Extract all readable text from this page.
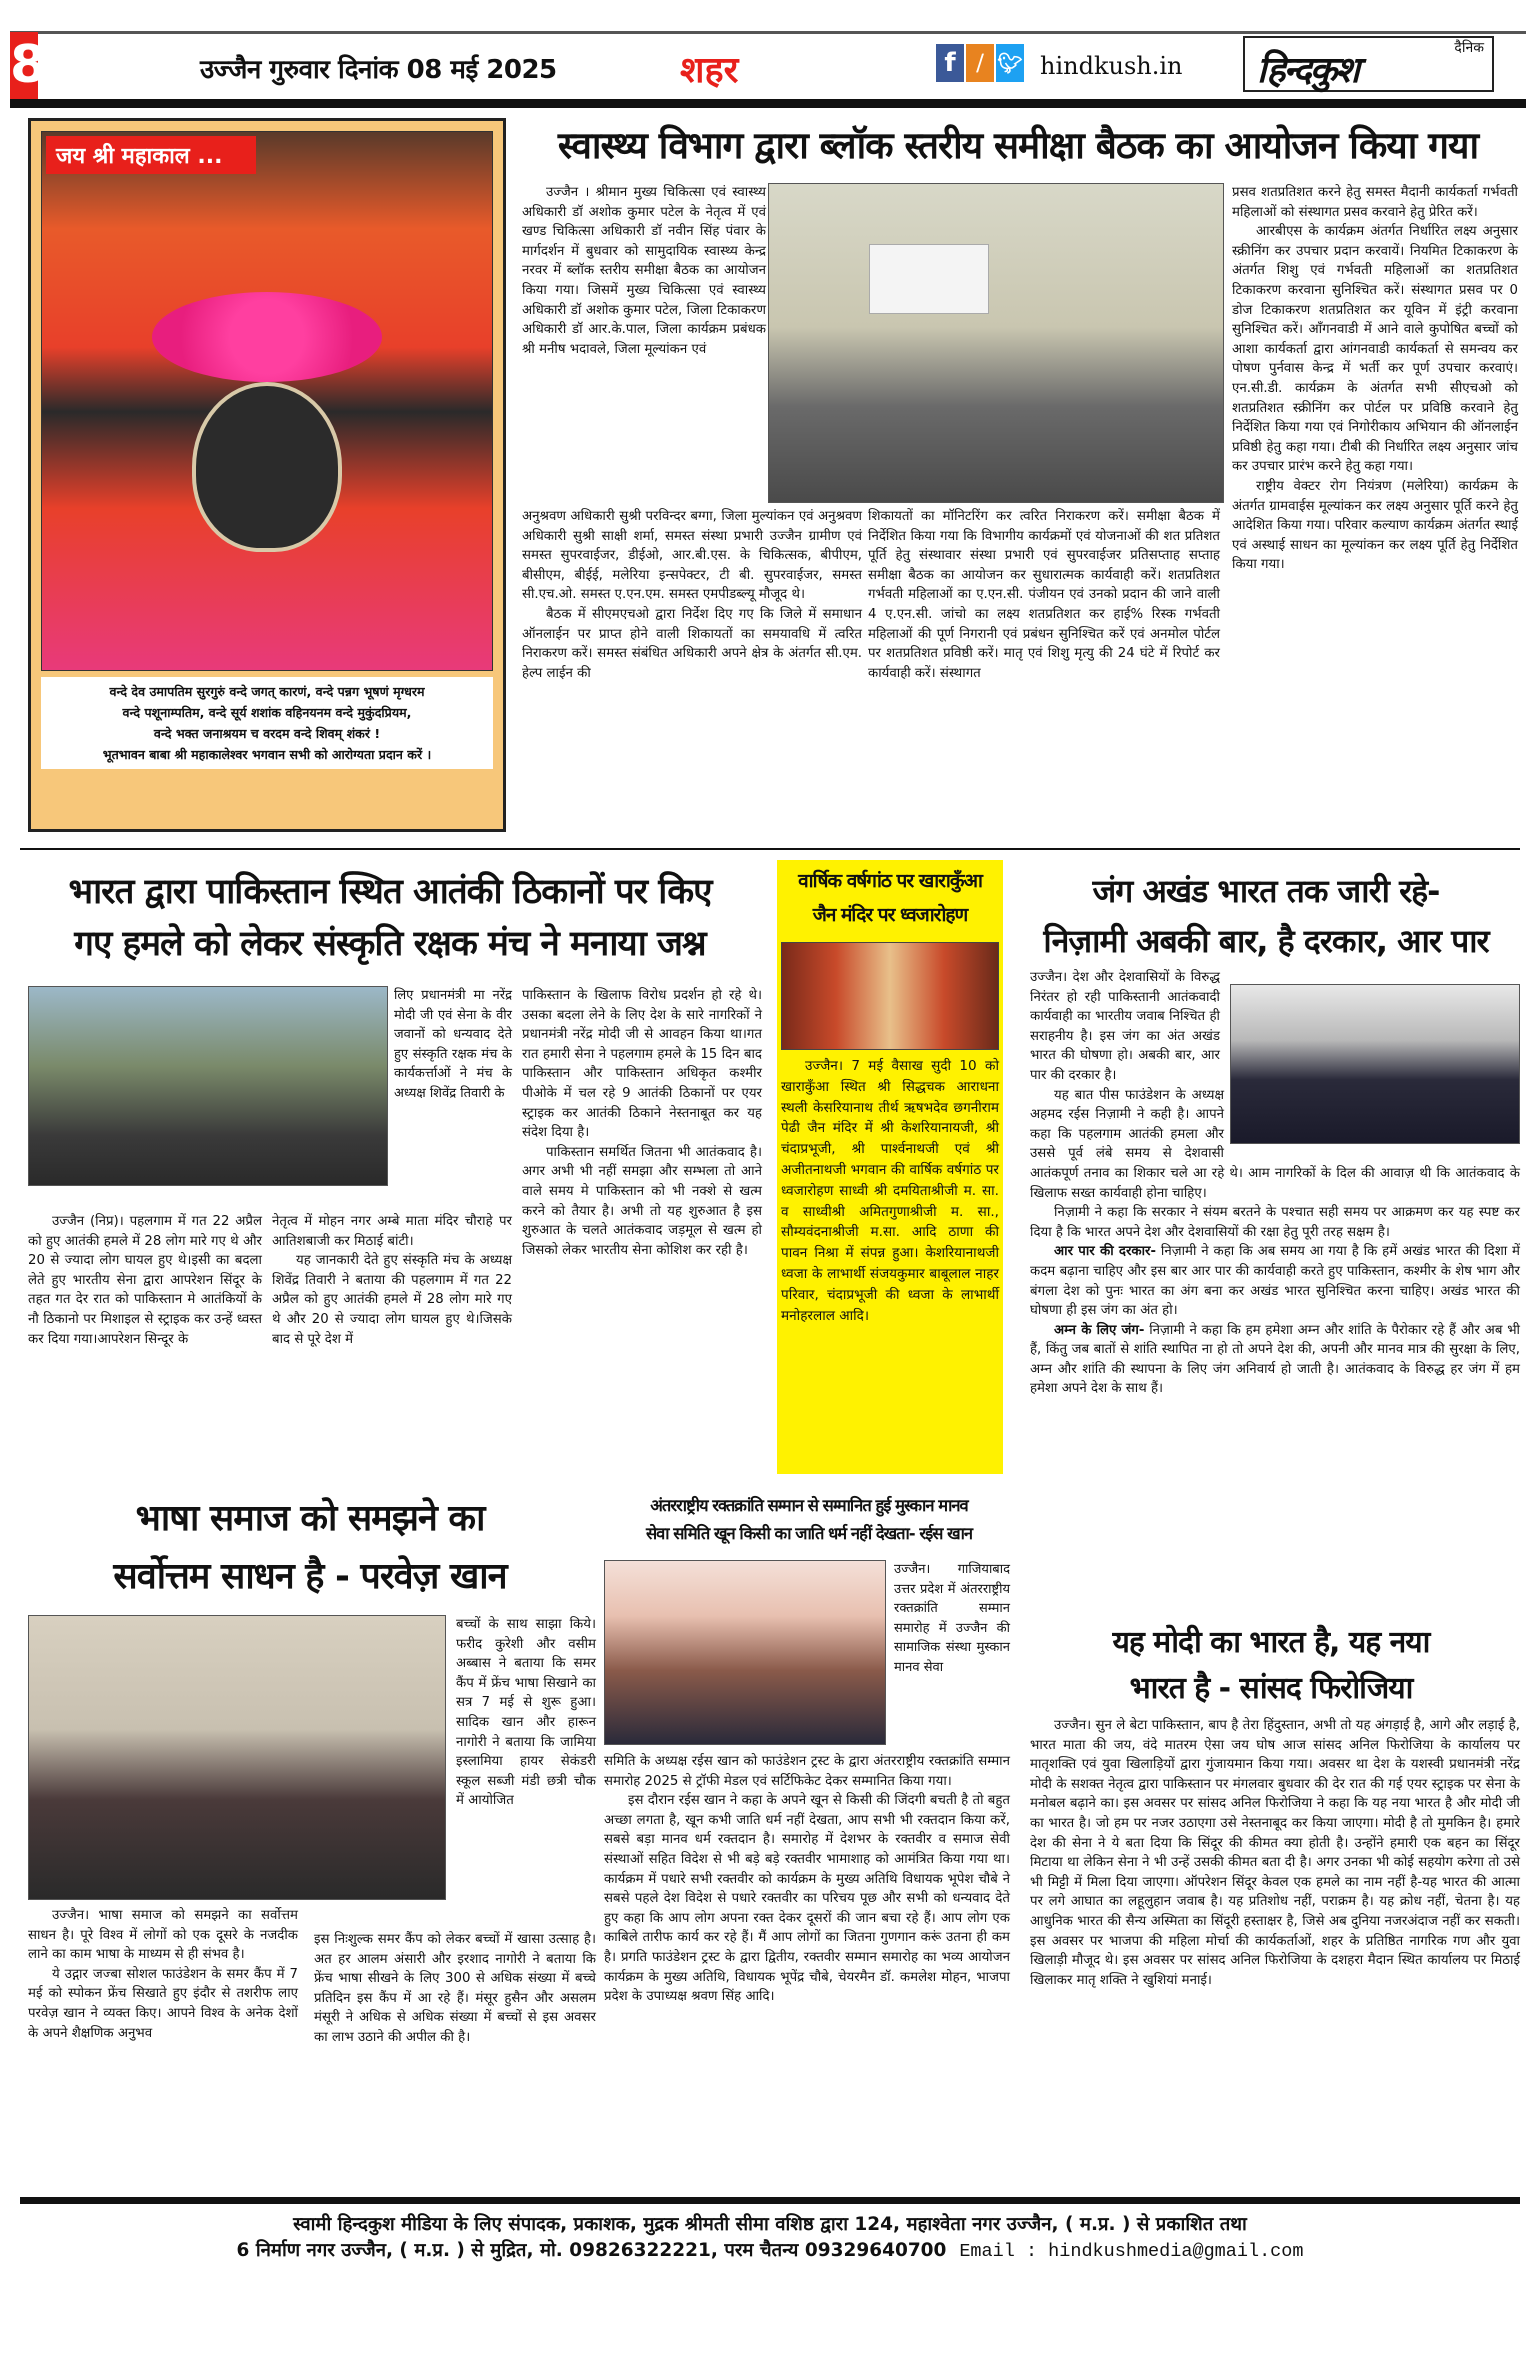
8	उज्जैन गुरुवार दिनांक 08 मई 2025	शहर	f	⧸ 🐦︎ hindkush.in
दैनिक
हिन्दकुश
जय श्री महाकाल ...
वन्दे देव उमापतिम सुरगुरुं वन्दे जगत् कारणं, वन्दे पन्नग भूषणं मृग्धरम
वन्दे पशूनाम्पतिम, वन्दे सूर्य शशांक वहिनयनम वन्दे मुकुंदप्रियम,
वन्दे भक्त जनाश्रयम च वरदम वन्दे शिवम् शंकरं !
भूतभावन बाबा श्री महाकालेश्वर भगवान सभी को आरोग्यता प्रदान करें ।
स्वास्थ्य विभाग द्वारा ब्लॉक स्तरीय समीक्षा बैठक का आयोजन किया गया

उज्जैन । श्रीमान मुख्य चिकित्सा एवं स्वास्थ्य अधिकारी डॉ अशोक कुमार पटेल के नेतृत्व में एवं खण्ड चिकित्सा अधिकारी डॉ नवीन सिंह पंवार के मार्गदर्शन में बुधवार को सामुदायिक स्वास्थ्य केन्द्र नरवर में ब्लॉक स्तरीय समीक्षा बैठक का आयोजन किया गया। जिसमें मुख्य चिकित्सा एवं स्वास्थ्य अधिकारी डॉ अशोक कुमार पटेल, जिला टिकाकरण अधिकारी डॉ आर.के.पाल, जिला कार्यक्रम प्रबंधक श्री मनीष भदावले, जिला मूल्यांकन एवं

अनुश्रवण अधिकारी सुश्री परविन्दर बग्गा, जिला मुल्यांकन एवं अनुश्रवण अधिकारी सुश्री साक्षी शर्मा, समस्त संस्था प्रभारी उज्जैन ग्रामीण एवं समस्त सुपरवाईजर, डीईओ, आर.बी.एस. के चिकित्सक, बीपीएम, बीसीएम, बीईई, मलेरिया इन्सपेक्टर, टी बी. सुपरवाईजर, समस्त सी.एच.ओ. समस्त ए.एन.एम. समस्त एमपीडब्ल्यू मौजूद थे।

बैठक में सीएमएचओ द्वारा निर्देश दिए गए कि जिले में समाधान ऑनलाईन पर प्राप्त होने वाली शिकायतों का समयावधि में त्वरित निराकरण करें। समस्त संबंधित अधिकारी अपने क्षेत्र के अंतर्गत सी.एम. हेल्प लाईन की

शिकायतों का मॉनिटरिंग कर त्वरित निराकरण करें। समीक्षा बैठक में निर्देशित किया गया कि विभागीय कार्यक्रमों एवं योजनाओं की शत प्रतिशत पूर्ति हेतु संस्थावार संस्था प्रभारी एवं सुपरवाईजर प्रतिसप्ताह सप्ताह समीक्षा बैठक का आयोजन कर सुधारात्मक कार्यवाही करें। शतप्रतिशत गर्भवती महिलाओं का ए.एन.सी. पंजीयन एवं उनको प्रदान की जाने वाली 4 ए.एन.सी. जांचो का लक्ष्य शतप्रतिशत कर हाई% रिस्क गर्भवती महिलाओं की पूर्ण निगरानी एवं प्रबंधन सुनिश्चित करें एवं अनमोल पोर्टल पर शतप्रतिशत प्रविष्ठी करें। मातृ एवं शिशु मृत्यु की 24 घंटे में रिपोर्ट कर कार्यवाही करें। संस्थागत

प्रसव शतप्रतिशत करने हेतु समस्त मैदानी कार्यकर्ता गर्भवती महिलाओं को संस्थागत प्रसव करवाने हेतु प्रेरित करें।

आरबीएस के कार्यक्रम अंतर्गत निर्धारित लक्ष्य अनुसार स्क्रीनिंग कर उपचार प्रदान करवायें। नियमित टिकाकरण के अंतर्गत शिशु एवं गर्भवती महिलाओं का शतप्रतिशत टिकाकरण करवाना सुनिश्चित करें। संस्थागत प्रसव पर 0 डोज टिकाकरण शतप्रतिशत कर यूविन में इंट्री करवाना सुनिश्चित करें। आँगनवाडी में आने वाले कुपोषित बच्चों को आशा कार्यकर्ता द्वारा आंगनवाडी कार्यकर्ता से समन्वय कर पोषण पुर्नवास केन्द्र में भर्ती कर पूर्ण उपचार करवाएं। एन.सी.डी. कार्यक्रम के अंतर्गत सभी सीएचओ को शतप्रतिशत स्क्रीनिंग कर पोर्टल पर प्रविष्ठि करवाने हेतु निर्देशित किया गया एवं निगोरीकाय अभियान की ऑनलाईन प्रविष्ठी हेतु कहा गया। टीबी की निर्धारित लक्ष्य अनुसार जांच कर उपचार प्रारंभ करने हेतु कहा गया।

राष्ट्रीय वेक्टर रोग नियंत्रण (मलेरिया) कार्यक्रम के अंतर्गत ग्रामवाईस मूल्यांकन कर लक्ष्य अनुसार पूर्ति करने हेतु आदेशित किया गया। परिवार कल्याण कार्यक्रम अंतर्गत स्थाई एवं अस्थाई साधन का मूल्यांकन कर लक्ष्य पूर्ति हेतु निर्देशित किया गया।

भारत द्वारा पाकिस्तान स्थित आतंकी ठिकानों पर किए
गए हमले को लेकर संस्कृति रक्षक मंच ने मनाया जश्न

लिए प्रधानमंत्री मा नरेंद्र मोदी जी एवं सेना के वीर जवानों को धन्यवाद देते हुए संस्कृति रक्षक मंच के कार्यकर्त्ताओं ने मंच के अध्यक्ष शिवेंद्र तिवारी के

उज्जैन (निप्र)। पहलगाम में गत 22 अप्रैल को हुए आतंकी हमले में 28 लोग मारे गए थे और 20 से ज्यादा लोग घायल हुए थे।इसी का बदला लेते हुए भारतीय सेना द्वारा आपरेशन सिंदूर के तहत गत देर रात को पाकिस्तान मे आतंकियों के नौ ठिकानो पर मिशाइल से स्ट्राइक कर उन्हें ध्वस्त कर दिया गया।आपरेशन सिन्दूर के

नेतृत्व में मोहन नगर अम्बे माता मंदिर चौराहे पर आतिशबाजी कर मिठाई बांटी।

यह जानकारी देते हुए संस्कृति मंच के अध्यक्ष शिवेंद्र तिवारी ने बताया की पहलगाम में गत 22 अप्रैल को हुए आतंकी हमले में 28 लोग मारे गए थे और 20 से ज्यादा लोग घायल हुए थे।जिसके बाद से पूरे देश में

पाकिस्तान के खिलाफ विरोध प्रदर्शन हो रहे थे।उसका बदला लेने के लिए देश के सारे नागरिकों ने प्रधानमंत्री नरेंद्र मोदी जी से आवहन किया था।गत रात हमारी सेना ने पहलगाम हमले के 15 दिन बाद पाकिस्तान और पाकिस्तान अधिकृत कश्मीर पीओके में चल रहे 9 आतंकी ठिकानों पर एयर स्ट्राइक कर आतंकी ठिकाने नेस्तनाबूत कर यह संदेश दिया है।

पाकिस्तान समर्थित जितना भी आतंकवाद है। अगर अभी भी नहीं समझा और सम्भला तो आने वाले समय मे पाकिस्तान को भी नक्शे से खत्म करने को तैयार है। अभी तो यह शुरुआत है इस शुरुआत के चलते आतंकवाद जड़मूल से खत्म हो जिसको लेकर भारतीय सेना कोशिश कर रही है।

वार्षिक वर्षगांठ पर खाराकुँआ
जैन मंदिर पर ध्वजारोहण

उज्जैन। 7 मई वैसाख सुदी 10 को खाराकुँआ स्थित श्री सिद्धचक आराधना स्थली केसरियानाथ तीर्थ ऋषभदेव छगनीराम पेढी जैन मंदिर में श्री केशरियानायजी, श्री चंदाप्रभूजी, श्री पार्श्वनाथजी एवं श्री अजीतनाथजी भगवान की वार्षिक वर्षगांठ पर ध्वजारोहण साध्वी श्री दमयिताश्रीजी म. सा. व साध्वीश्री अमितगुणाश्रीजी म. सा., सौम्यवंदनाश्रीजी म.सा. आदि ठाणा की पावन निश्रा में संपन्न हुआ। केशरियानाथजी ध्वजा के लाभार्थी संजयकुमार बाबूलाल नाहर परिवार, चंदाप्रभूजी की ध्वजा के लाभार्थी मनोहरलाल आदि।

जंग अखंड भारत तक जारी रहे-
निज़ामी अबकी बार, है दरकार, आर पार

उज्जैन। देश और देशवासियों के विरुद्ध निरंतर हो रही पाकिस्तानी आतंकवादी कार्यवाही का भारतीय जवाब निश्चित ही सराहनीय है। इस जंग का अंत अखंड भारत की घोषणा हो। अबकी बार, आर पार की दरकार है।

यह बात पीस फाउंडेशन के अध्यक्ष अहमद रईस निज़ामी ने कही है। आपने कहा कि पहलगाम आतंकी हमला और उससे पूर्व लंबे समय से देशवासी आतंकपूर्ण तनाव का शिकार चले आ रहे थे। आम नागरिकों के दिल की आवाज़ थी कि आतंकवाद के खिलाफ सख्त कार्यवाही होना चाहिए।

निज़ामी ने कहा कि सरकार ने संयम बरतने के पश्चात सही समय पर आक्रमण कर यह स्पष्ट कर दिया है कि भारत अपने देश और देशवासियों की रक्षा हेतु पूरी तरह सक्षम है।

आर पार की दरकार- निज़ामी ने कहा कि अब समय आ गया है कि हमें अखंड भारत की दिशा में कदम बढ़ाना चाहिए और इस बार आर पार की कार्यवाही करते हुए पाकिस्तान, कश्मीर के शेष भाग और बंगला देश को पुनः भारत का अंग बना कर अखंड भारत सुनिश्चित करना चाहिए। अखंड भारत की घोषणा ही इस जंग का अंत हो।

अम्न के लिए जंग- निज़ामी ने कहा कि हम हमेशा अम्न और शांति के पैरोकार रहे हैं और अब भी हैं, किंतु जब बातों से शांति स्थापित ना हो तो अपने देश की, अपनी और मानव मात्र की सुरक्षा के लिए, अम्न और शांति की स्थापना के लिए जंग अनिवार्य हो जाती है। आतंकवाद के विरुद्ध हर जंग में हम हमेशा अपने देश के साथ हैं।

भाषा समाज को समझने का
सर्वोत्तम साधन है - परवेज़ खान

बच्चों के साथ साझा किये। फरीद कुरेशी और वसीम अब्बास ने बताया कि समर कैंप में फ्रेंच भाषा सिखाने का सत्र 7 मई से शुरू हुआ। सादिक खान और हारून नागोरी ने बताया कि जामिया इस्लामिया हायर सेकंडरी स्कूल सब्जी मंडी छत्री चौक में आयोजित

उज्जैन। भाषा समाज को समझने का सर्वोत्तम साधन है। पूरे विश्व में लोगों को एक दूसरे के नजदीक लाने का काम भाषा के माध्यम से ही संभव है।

ये उद्गार जज्बा सोशल फाउंडेशन के समर कैंप में 7 मई को स्पोकन फ्रेंच सिखाते हुए इंदौर से तशरीफ लाए परवेज़ खान ने व्यक्त किए। आपने विश्व के अनेक देशों के अपने शैक्षणिक अनुभव

इस निःशुल्क समर कैंप को लेकर बच्चों में खासा उत्साह है। अत हर आलम अंसारी और इरशाद नागोरी ने बताया कि फ्रेंच भाषा सीखने के लिए 300 से अधिक संख्या में बच्चे प्रतिदिन इस कैंप में आ रहे हैं। मंसूर हुसैन और असलम मंसूरी ने अधिक से अधिक संख्या में बच्चों से इस अवसर का लाभ उठाने की अपील की है।

अंतरराष्ट्रीय रक्तक्रांति सम्मान से सम्मानित हुई मुस्कान मानव
सेवा समिति खून किसी का जाति धर्म नहीं देखता- रईस खान

उज्जैन। गाजियाबाद उत्तर प्रदेश में अंतरराष्ट्रीय रक्तक्रांति सम्मान समारोह में उज्जैन की सामाजिक संस्था मुस्कान मानव सेवा

समिति के अध्यक्ष रईस खान को फाउंडेशन ट्रस्ट के द्वारा अंतरराष्ट्रीय रक्तक्रांति सम्मान समारोह 2025 से ट्रॉफी मेडल एवं सर्टिफिकेट देकर सम्मानित किया गया।

इस दौरान रईस खान ने कहा के अपने खून से किसी की जिंदगी बचती है तो बहुत अच्छा लगता है, खून कभी जाति धर्म नहीं देखता, आप सभी भी रक्तदान किया करें, सबसे बड़ा मानव धर्म रक्तदान है। समारोह में देशभर के रक्तवीर व समाज सेवी संस्थाओं सहित विदेश से भी बड़े बड़े रक्तवीर भामाशाह को आमंत्रित किया गया था। कार्यक्रम में पधारे सभी रक्तवीर को कार्यक्रम के मुख्य अतिथि विधायक भूपेश चौबे ने सबसे पहले देश विदेश से पधारे रक्तवीर का परिचय पूछ और सभी को धन्यवाद देते हुए कहा कि आप लोग अपना रक्त देकर दूसरों की जान बचा रहे हैं। आप लोग एक काबिले तारीफ कार्य कर रहे हैं। मैं आप लोगों का जितना गुणगान करूं उतना ही कम है। प्रगति फाउंडेशन ट्रस्ट के द्वारा द्वितीय, रक्तवीर सम्मान समारोह का भव्य आयोजन कार्यक्रम के मुख्य अतिथि, विधायक भूपेंद्र चौबे, चेयरमैन डॉ. कमलेश मोहन, भाजपा प्रदेश के उपाध्यक्ष श्रवण सिंह आदि।

यह मोदी का भारत है, यह नया
भारत है - सांसद फिरोजिया

उज्जैन। सुन ले बेटा पाकिस्तान, बाप है तेरा हिंदुस्तान, अभी तो यह अंगड़ाई है, आगे और लड़ाई है, भारत माता की जय, वंदे मातरम ऐसा जय घोष आज सांसद अनिल फिरोजिया के कार्यालय पर मातृशक्ति एवं युवा खिलाड़ियों द्वारा गुंजायमान किया गया। अवसर था देश के यशस्वी प्रधानमंत्री नरेंद्र मोदी के सशक्त नेतृत्व द्वारा पाकिस्तान पर मंगलवार बुधवार की देर रात की गई एयर स्ट्राइक पर सेना के मनोबल बढ़ाने का। इस अवसर पर सांसद अनिल फिरोजिया ने कहा कि यह नया भारत है और मोदी जी का भारत है। जो हम पर नजर उठाएगा उसे नेस्तनाबूद कर किया जाएगा। मोदी है तो मुमकिन है। हमारे देश की सेना ने ये बता दिया कि सिंदूर की कीमत क्या होती है। उन्होंने हमारी एक बहन का सिंदूर मिटाया था लेकिन सेना ने भी उन्हें उसकी कीमत बता दी है। अगर उनका भी कोई सहयोग करेगा तो उसे भी मिट्टी में मिला दिया जाएगा। ऑपरेशन सिंदूर केवल एक हमले का नाम नहीं है-यह भारत की आत्मा पर लगे आघात का लहूलुहान जवाब है। यह प्रतिशोध नहीं, पराक्रम है। यह क्रोध नहीं, चेतना है। यह आधुनिक भारत की सैन्य अस्मिता का सिंदूरी हस्ताक्षर है, जिसे अब दुनिया नजरअंदाज नहीं कर सकती। इस अवसर पर भाजपा की महिला मोर्चा की कार्यकर्ताओं, शहर के प्रतिष्ठित नागरिक गण और युवा खिलाड़ी मौजूद थे। इस अवसर पर सांसद अनिल फिरोजिया के दशहरा मैदान स्थित कार्यालय पर मिठाई खिलाकर मातृ शक्ति ने खुशियां मनाई।

स्वामी हिन्दकुश मीडिया के लिए संपादक, प्रकाशक, मुद्रक श्रीमती सीमा वशिष्ठ द्वारा 124, महाश्वेता नगर उज्जैन, ( म.प्र. ) से प्रकाशित तथा
6 निर्माण नगर उज्जैन, ( म.प्र. ) से मुद्रित, मो. 09826322221, परम चैतन्य 09329640700 Email : hindkushmedia@gmail.com
